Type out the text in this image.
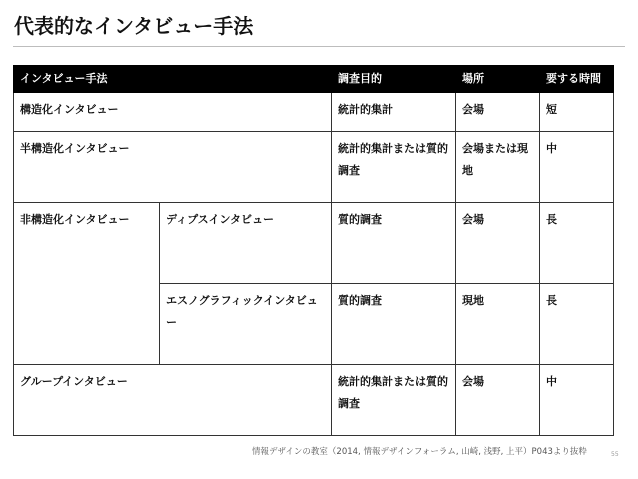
代表的なインタビュー手法
インタビュー手法		調査目的	場所	要する時間
構造化インタビュー		統計的集計	会場	短
半構造化インタビュー		統計的集計または質的調査	会場または現地	中
非構造化インタビュー	ディプスインタビュー	質的調査	会場	長
	エスノグラフィックインタビュー	質的調査	現地	長
グループインタビュー		統計的集計または質的調査	会場	中
情報デザインの教室（2014, 情報デザインフォーラム, 山崎, 浅野, 上平）P043より抜粋	55
